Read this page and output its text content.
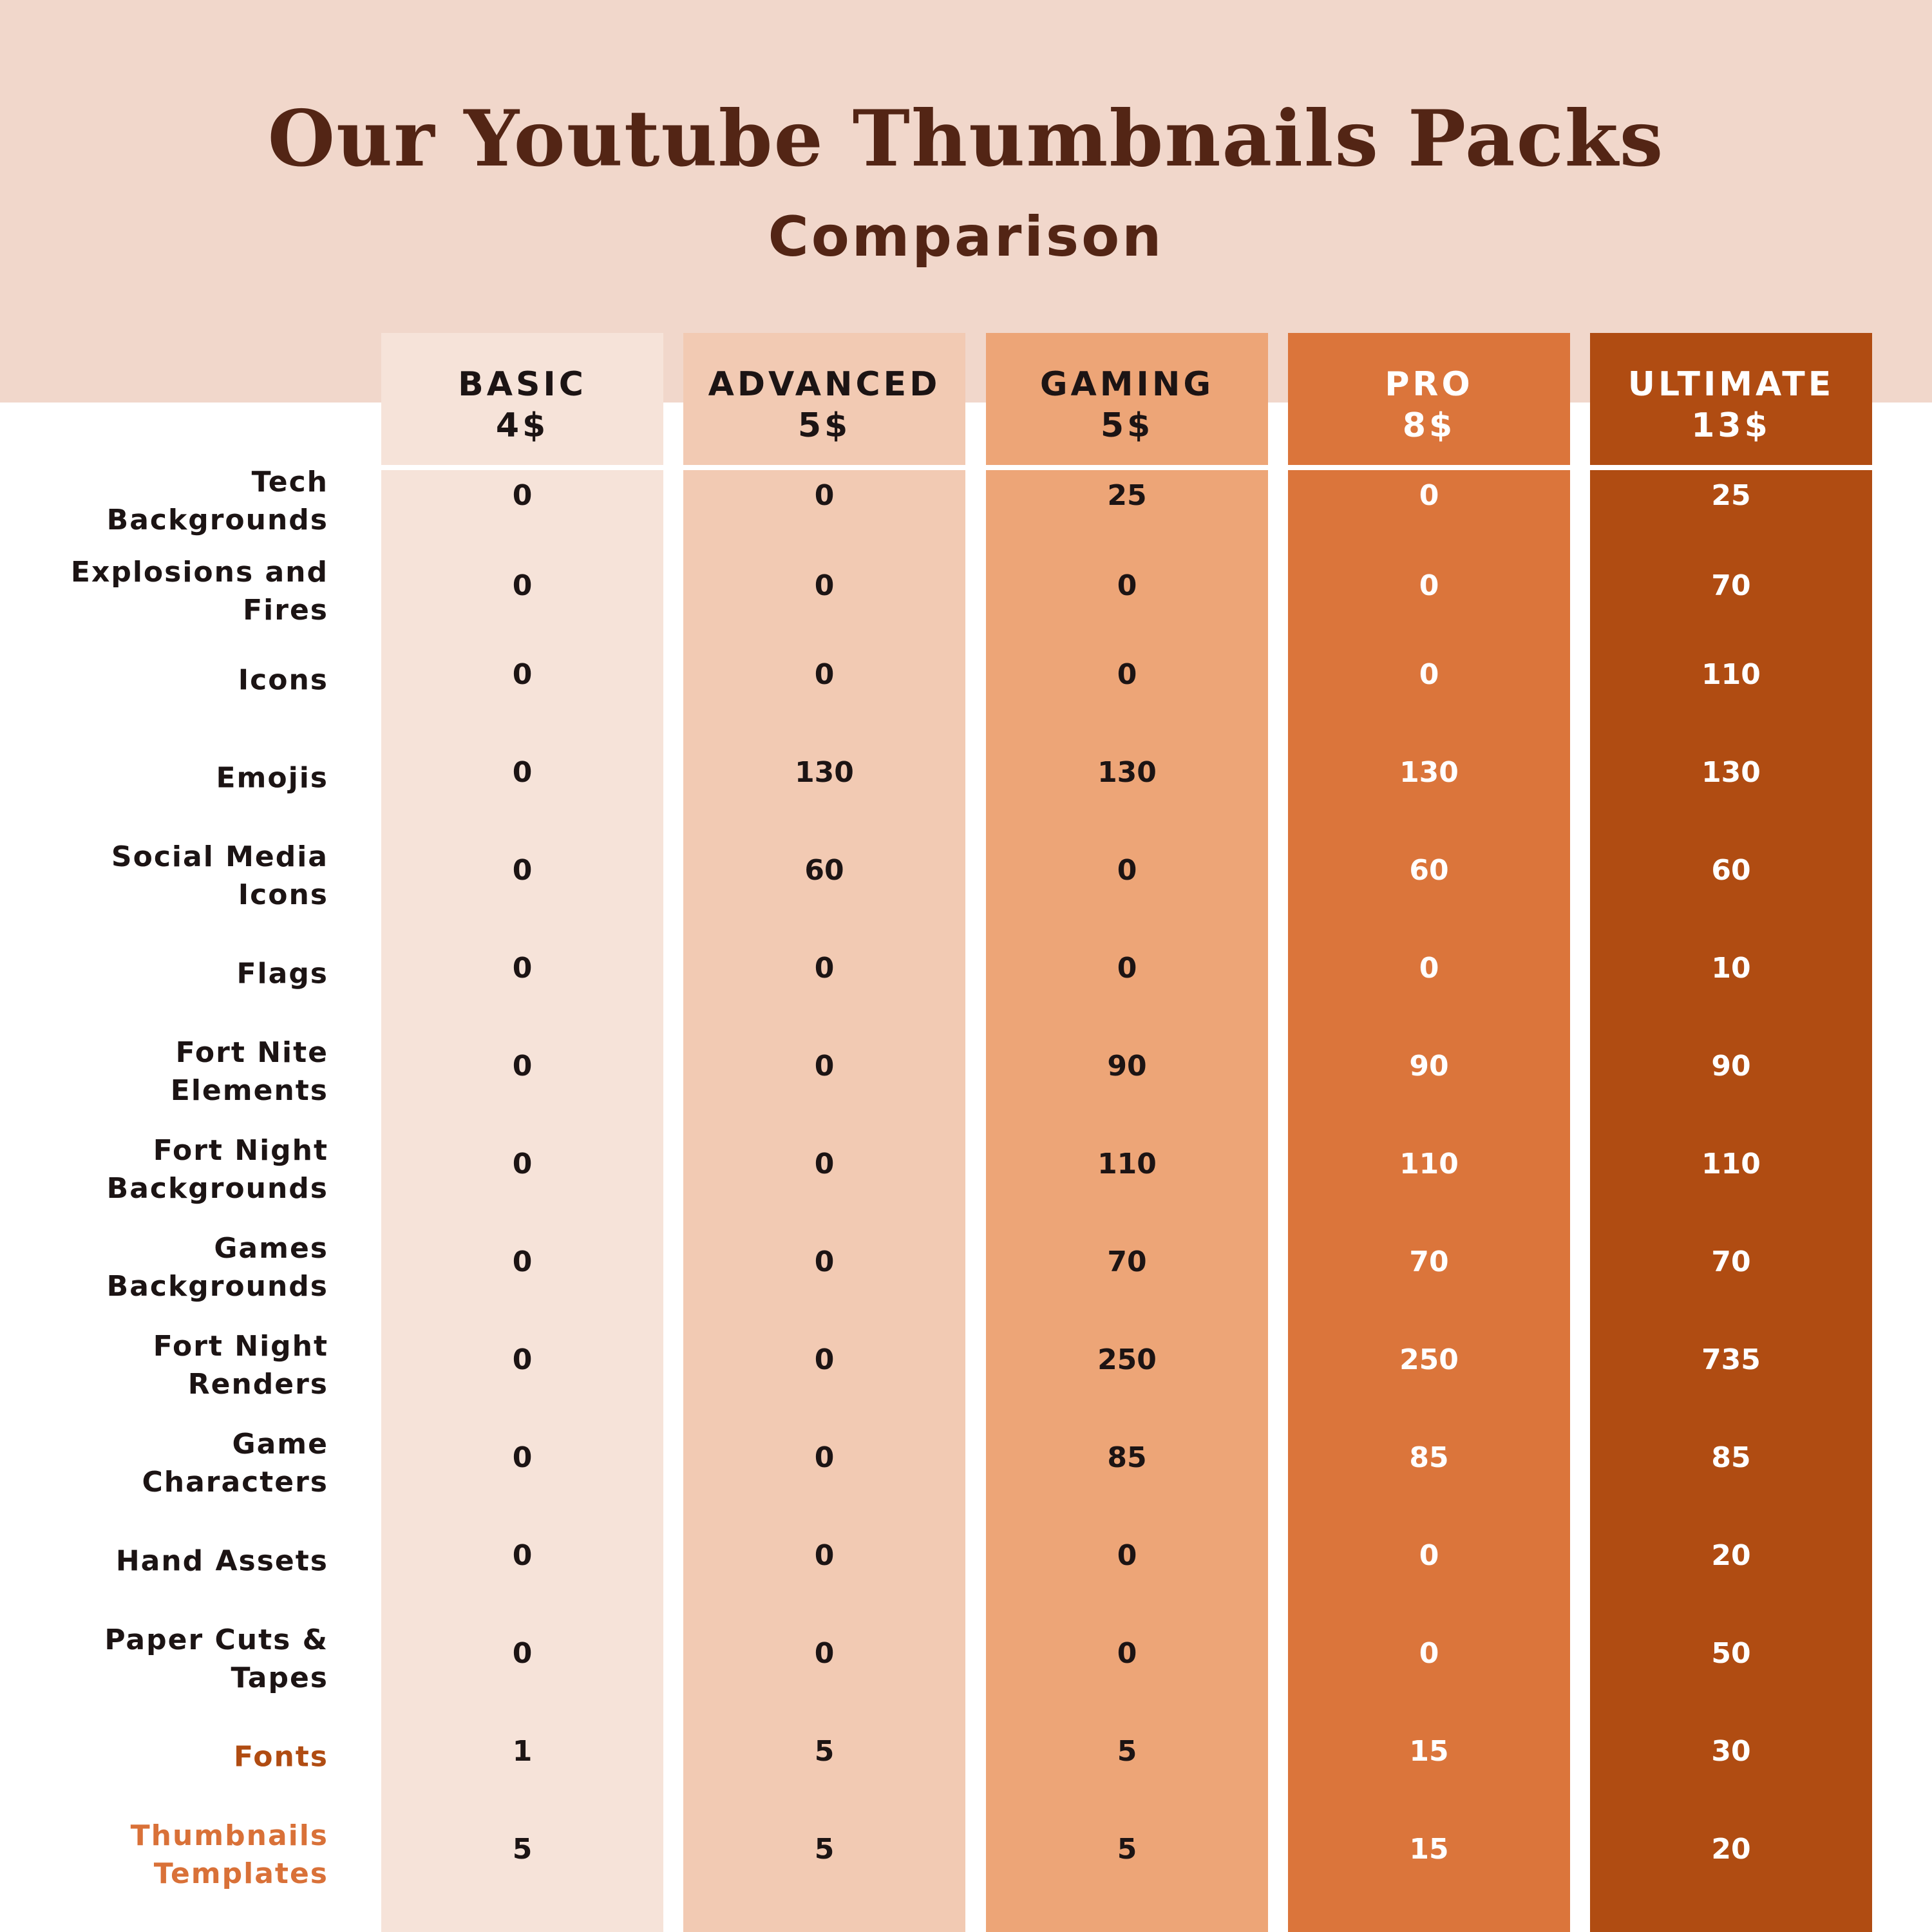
Our Youtube Thumbnails Packs
Comparison
BASIC
4$
0
0
0
0
0
0
0
0
0
0
0
0
0
1
5
ADVANCED
5$
0
0
0
130
60
0
0
0
0
0
0
0
0
5
5
GAMING
5$
25
0
0
130
0
0
90
110
70
250
85
0
0
5
5
PRO
8$
0
0
0
130
60
0
90
110
70
250
85
0
0
15
15
ULTIMATE
13$
25
70
110
130
60
10
90
110
70
735
85
20
50
30
20
Tech
Backgrounds
Explosions and
Fires
Icons
Emojis
Social Media
Icons
Flags
Fort Nite
Elements
Fort Night
Backgrounds
Games
Backgrounds
Fort Night
Renders
Game
Characters
Hand Assets
Paper Cuts &
Tapes
Fonts
Thumbnails
Templates
